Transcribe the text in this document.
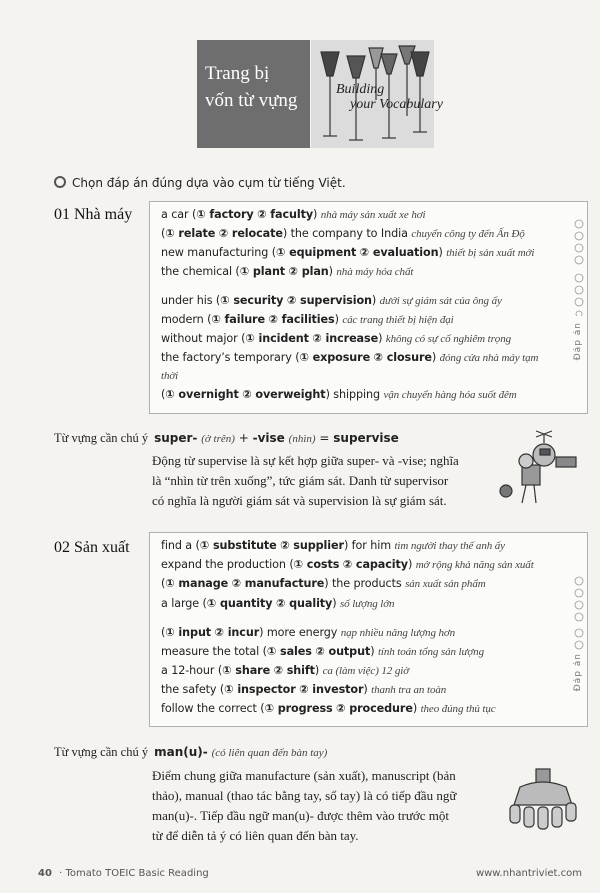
Trang bị
vốn từ vựng
Building
your Vocabulary
Chọn đáp án đúng dựa vào cụm từ tiếng Việt.
01 Nhà máy
Đáp án
a car (① factory ② faculty) nhà máy sản xuất xe hơi
(① relate ② relocate) the company to India chuyển công ty đến Ấn Độ
new manufacturing (① equipment ② evaluation) thiết bị sản xuất mới
the chemical (① plant ② plan) nhà máy hóa chất
under his (① security ② supervision) dưới sự giám sát của ông ấy
modern (① failure ② facilities) các trang thiết bị hiện đại
without major (① incident ② increase) không có sự cố nghiêm trọng
the factory’s temporary (① exposure ② closure) đóng cửa nhà máy tạm
thời
(① overnight ② overweight) shipping vận chuyển hàng hóa suốt đêm
Từ vựng cần chú ý super- (ở trên) + -vise (nhìn) = supervise
Động từ supervise là sự kết hợp giữa super- và -vise; nghĩa
là “nhìn từ trên xuống”, tức giám sát. Danh từ supervisor
có nghĩa là người giám sát và supervision là sự giám sát.
02 Sản xuất
Đáp án
find a (① substitute ② supplier) for him tìm người thay thế anh ấy
expand the production (① costs ② capacity) mở rộng khả năng sản xuất
(① manage ② manufacture) the products sản xuất sản phẩm
a large (① quantity ② quality) số lượng lớn
(① input ② incur) more energy nạp nhiều năng lượng hơn
measure the total (① sales ② output) tính toán tổng sản lượng
a 12-hour (① share ② shift) ca (làm việc) 12 giờ
the safety (① inspector ② investor) thanh tra an toàn
follow the correct (① progress ② procedure) theo đúng thủ tục
Từ vựng cần chú ý man(u)- (có liên quan đến bàn tay)
Điểm chung giữa manufacture (sản xuất), manuscript (bản
thảo), manual (thao tác bằng tay, sổ tay) là có tiếp đầu ngữ
man(u)-. Tiếp đầu ngữ man(u)- được thêm vào trước một
từ để diễn tả ý có liên quan đến bàn tay.
40 · Tomato TOEIC Basic Reading	www.nhantriviet.com
